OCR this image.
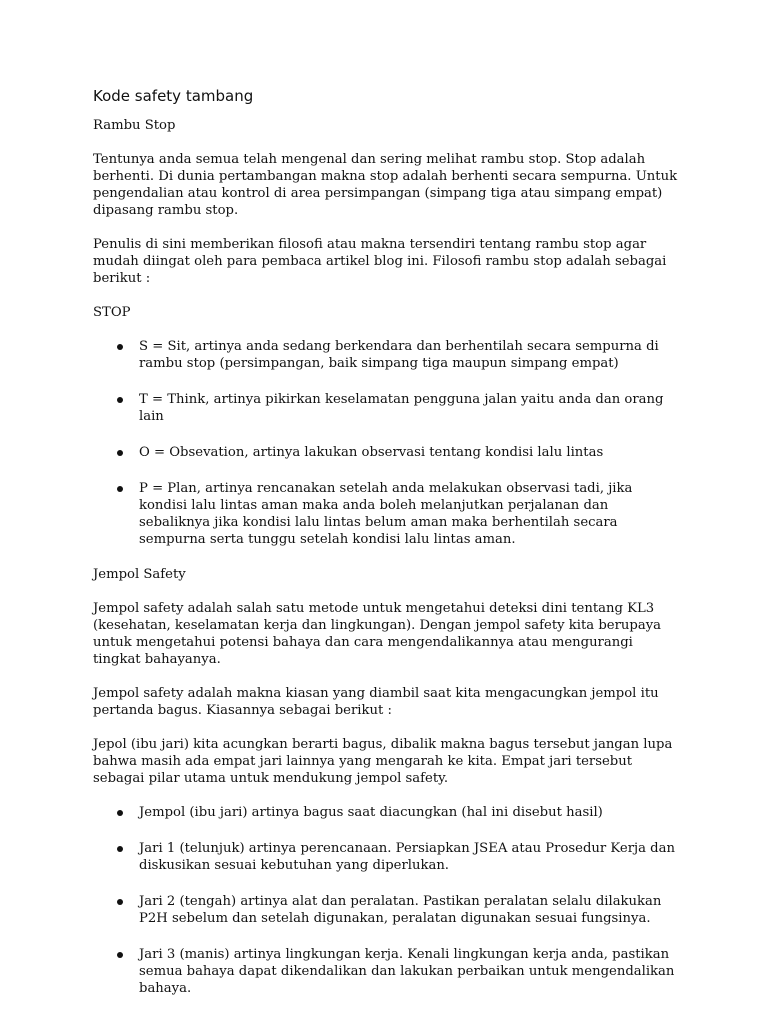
Kode safety tambang
Rambu Stop

Tentunya anda semua telah mengenal dan sering melihat rambu stop. Stop adalah berhenti. Di dunia pertambangan makna stop adalah berhenti secara sempurna. Untuk pengendalian atau kontrol di area persimpangan (simpang tiga atau simpang empat) dipasang rambu stop.

Penulis di sini memberikan filosofi atau makna tersendiri tentang rambu stop agar mudah diingat oleh para pembaca artikel blog ini. Filosofi rambu stop adalah sebagai berikut :

STOP
S = Sit, artinya anda sedang berkendara dan berhentilah secara sempurna di rambu stop (persimpangan, baik simpang tiga maupun simpang empat)
T = Think, artinya pikirkan keselamatan pengguna jalan yaitu anda dan orang lain
O = Obsevation, artinya lakukan observasi tentang kondisi lalu lintas
P = Plan, artinya rencanakan setelah anda melakukan observasi tadi, jika kondisi lalu lintas aman maka anda boleh melanjutkan perjalanan dan sebaliknya jika kondisi lalu lintas belum aman maka berhentilah secara sempurna serta tunggu setelah kondisi lalu lintas aman.
Jempol Safety

Jempol safety adalah salah satu metode untuk mengetahui deteksi dini tentang KL3 (kesehatan, keselamatan kerja dan lingkungan). Dengan jempol safety kita berupaya untuk mengetahui potensi bahaya dan cara mengendalikannya atau mengurangi tingkat bahayanya.

Jempol safety adalah makna kiasan yang diambil saat kita mengacungkan jempol itu pertanda bagus. Kiasannya sebagai berikut :

Jepol (ibu jari) kita acungkan berarti bagus, dibalik makna bagus tersebut jangan lupa bahwa masih ada empat jari lainnya yang mengarah ke kita. Empat jari tersebut sebagai pilar utama untuk mendukung jempol safety.

Jempol (ibu jari) artinya bagus saat diacungkan (hal ini disebut hasil)
Jari 1 (telunjuk) artinya perencanaan. Persiapkan JSEA atau Prosedur Kerja dan diskusikan sesuai kebutuhan yang diperlukan.
Jari 2 (tengah) artinya alat dan peralatan. Pastikan peralatan selalu dilakukan P2H sebelum dan setelah digunakan, peralatan digunakan sesuai fungsinya.
Jari 3 (manis) artinya lingkungan kerja. Kenali lingkungan kerja anda, pastikan semua bahaya dapat dikendalikan dan lakukan perbaikan untuk mengendalikan bahaya.
